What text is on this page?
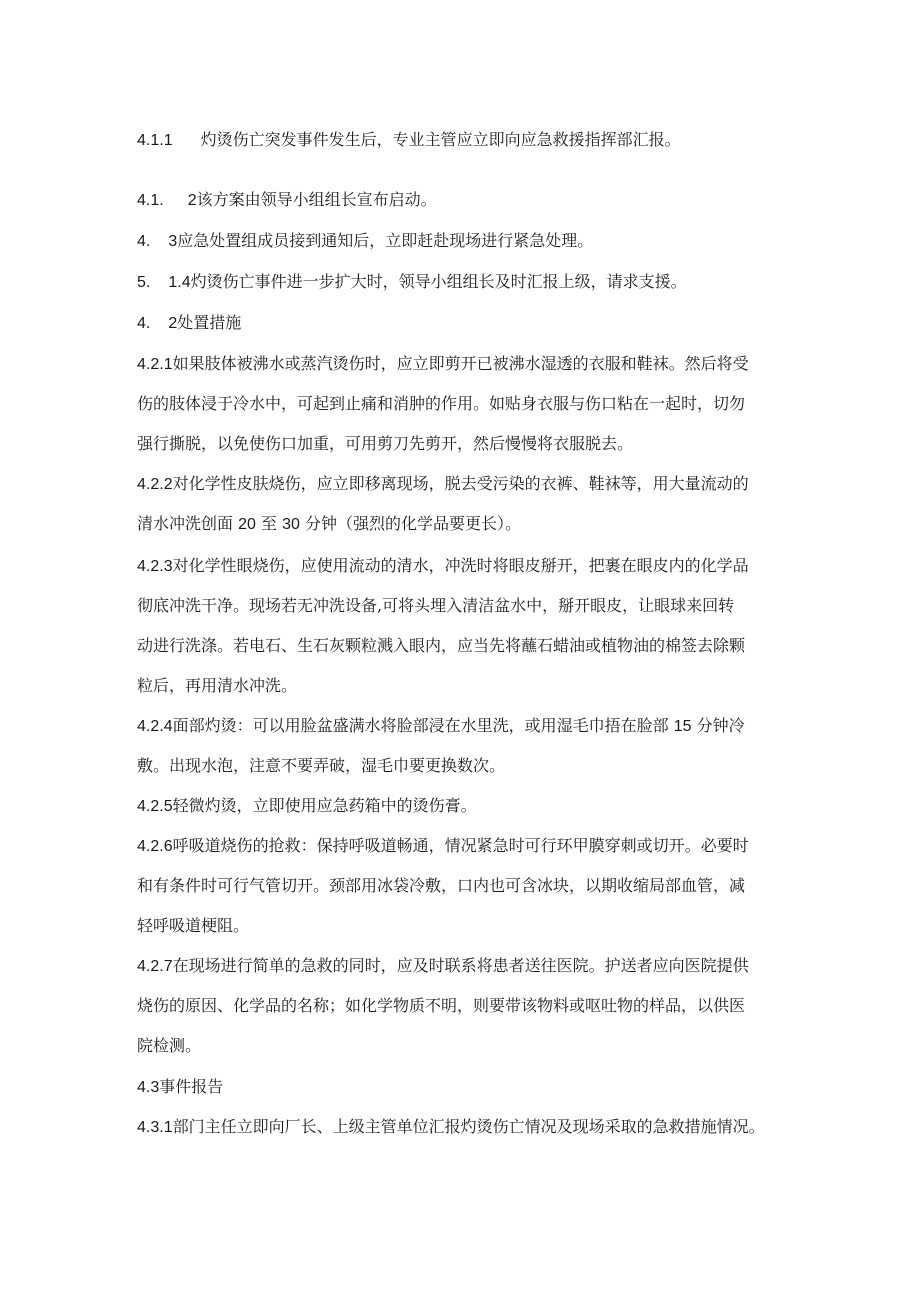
4.1.1 灼烫伤亡突发事件发生后，专业主管应立即向应急救援指挥部汇报。
4.1. 2该方案由领导小组组长宣布启动。
4. 3应急处置组成员接到通知后，立即赶赴现场进行紧急处理。
5. 1.4灼烫伤亡事件进一步扩大时，领导小组组长及时汇报上级，请求支援。
4. 2处置措施
4.2.1如果肢体被沸水或蒸汽烫伤时，应立即剪开已被沸水湿透的衣服和鞋袜。然后将受
伤的肢体浸于冷水中，可起到止痛和消肿的作用。如贴身衣服与伤口粘在一起时，切勿
强行撕脱，以免使伤口加重，可用剪刀先剪开，然后慢慢将衣服脱去。
4.2.2对化学性皮肤烧伤，应立即移离现场，脱去受污染的衣裤、鞋袜等，用大量流动的
清水冲洗创面 20 至 30 分钟（强烈的化学品要更长）。
4.2.3对化学性眼烧伤，应使用流动的清水，冲洗时将眼皮掰开，把裹在眼皮内的化学品
彻底冲洗干净。现场若无冲洗设备,可将头埋入清洁盆水中，掰开眼皮，让眼球来回转
动进行洗涤。若电石、生石灰颗粒溅入眼内，应当先将蘸石蜡油或植物油的棉签去除颗
粒后，再用清水冲洗。
4.2.4面部灼烫：可以用脸盆盛满水将脸部浸在水里洗，或用湿毛巾捂在脸部 15 分钟冷
敷。出现水泡，注意不要弄破，湿毛巾要更换数次。
4.2.5轻微灼烫，立即使用应急药箱中的烫伤膏。
4.2.6呼吸道烧伤的抢救：保持呼吸道畅通，情况紧急时可行环甲膜穿刺或切开。必要时
和有条件时可行气管切开。颈部用冰袋冷敷，口内也可含冰块，以期收缩局部血管，减
轻呼吸道梗阻。
4.2.7在现场进行简单的急救的同时，应及时联系将患者送往医院。护送者应向医院提供
烧伤的原因、化学品的名称；如化学物质不明，则要带该物料或呕吐物的样品，以供医
院检测。
4.3事件报告
4.3.1部门主任立即向厂长、上级主管单位汇报灼烫伤亡情况及现场采取的急救措施情况。
